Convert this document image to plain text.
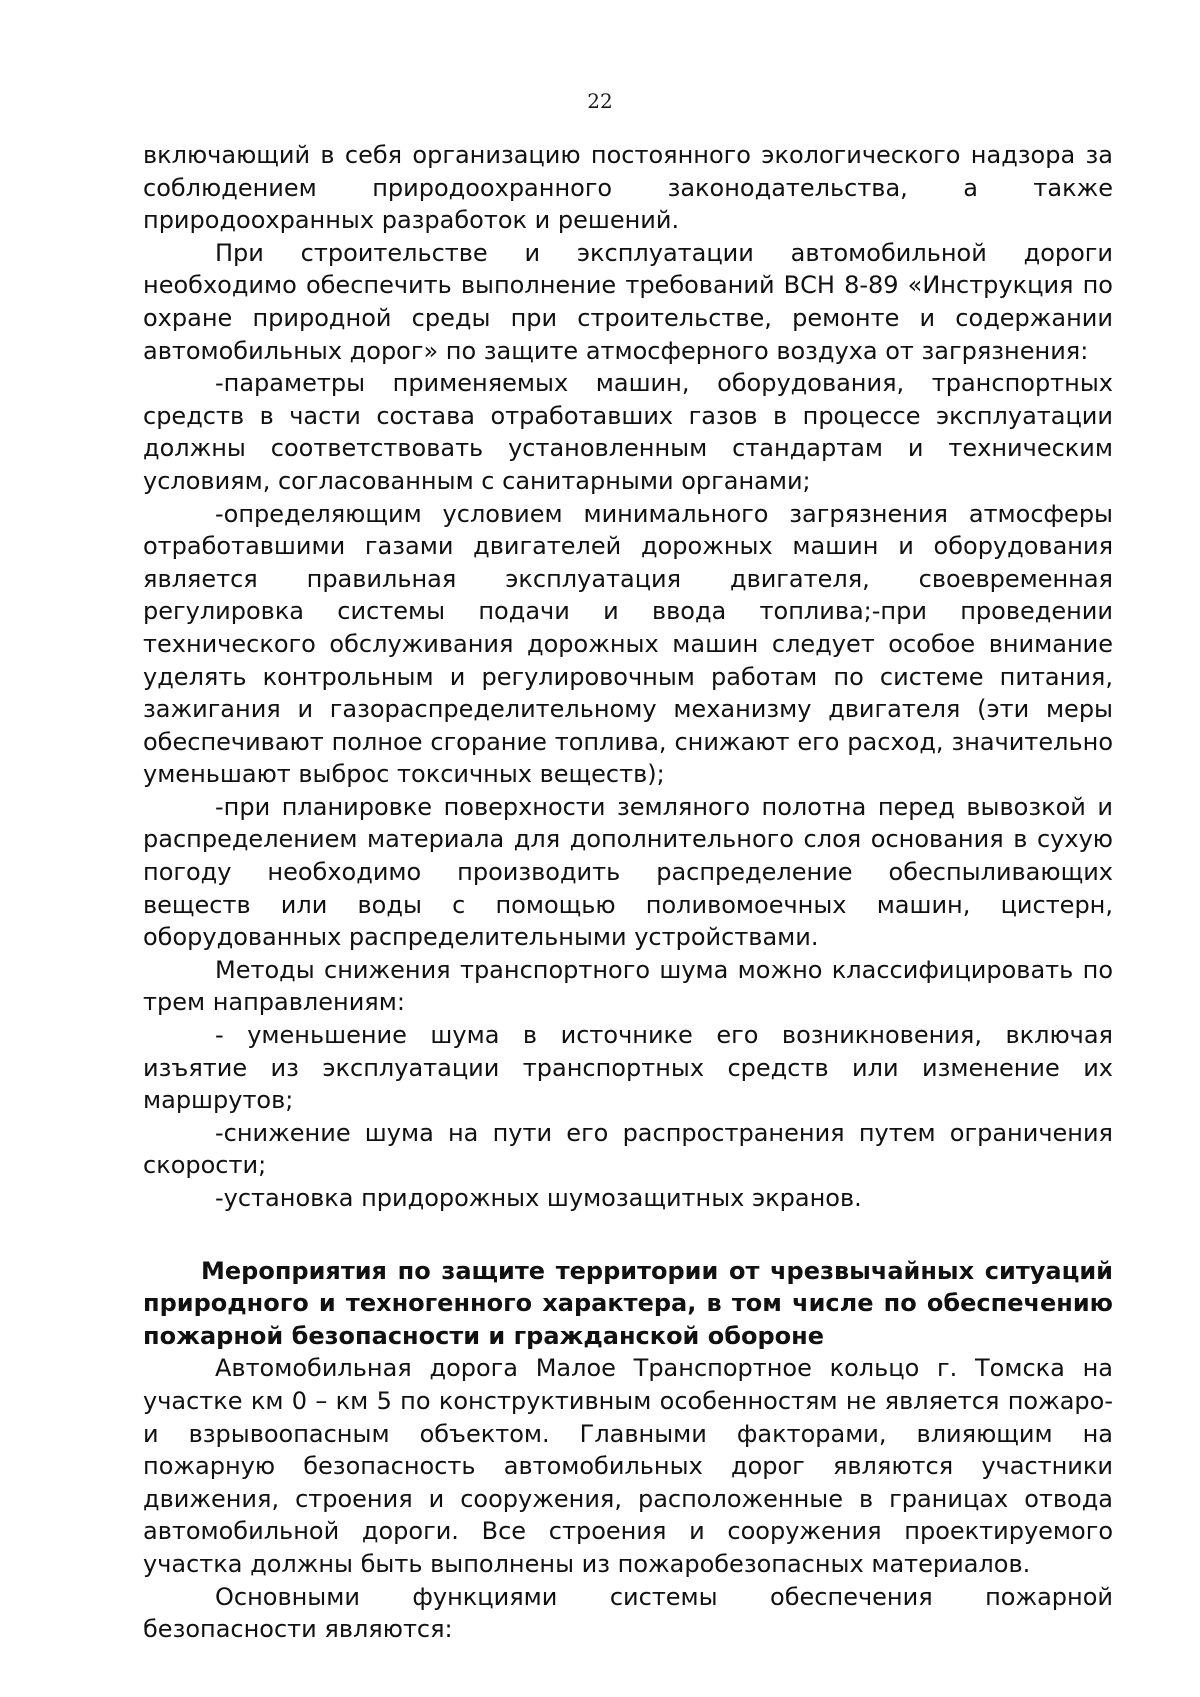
22

включающий в себя организацию постоянного экологического надзора за соблюдением природоохранного законодательства, а также природоохранных разработок и решений.

При строительстве и эксплуатации автомобильной дороги необходимо обеспечить выполнение требований ВСН 8-89 «Инструкция по охране природной среды при строительстве, ремонте и содержании автомобильных дорог» по защите атмосферного воздуха от загрязнения:

-параметры применяемых машин, оборудования, транспортных средств в части состава отработавших газов в процессе эксплуатации должны соответствовать установленным стандартам и техническим условиям, согласованным с санитарными органами;

-определяющим условием минимального загрязнения атмосферы отработавшими газами двигателей дорожных машин и оборудования является правильная эксплуатация двигателя, своевременная регулировка системы подачи и ввода топлива;-при проведении технического обслуживания дорожных машин следует особое внимание уделять контрольным и регулировочным работам по системе питания, зажигания и газораспределительному механизму двигателя (эти меры обеспечивают полное сгорание топлива, снижают его расход, значительно уменьшают выброс токсичных веществ);

-при планировке поверхности земляного полотна перед вывозкой и распределением материала для дополнительного слоя основания в сухую погоду необходимо производить распределение обеспыливающих веществ или воды с помощью поливомоечных машин, цистерн, оборудованных распределительными устройствами.

Методы снижения транспортного шума можно классифицировать по трем направлениям:

- уменьшение шума в источнике его возникновения, включая изъятие из эксплуатации транспортных средств или изменение их маршрутов;

-снижение шума на пути его распространения путем ограничения скорости;

-установка придорожных шумозащитных экранов.

Мероприятия по защите территории от чрезвычайных ситуаций природного и техногенного характера, в том числе по обеспечению пожарной безопасности и гражданской обороне

Автомобильная дорога Малое Транспортное кольцо г. Томска на участке км 0 – км 5 по конструктивным особенностям не является пожаро- и взрывоопасным объектом. Главными факторами, влияющим на пожарную безопасность автомобильных дорог являются участники движения, строения и сооружения, расположенные в границах отвода автомобильной дороги. Все строения и сооружения проектируемого участка должны быть выполнены из пожаробезопасных материалов.

Основными функциями системы обеспечения пожарной безопасности являются:
